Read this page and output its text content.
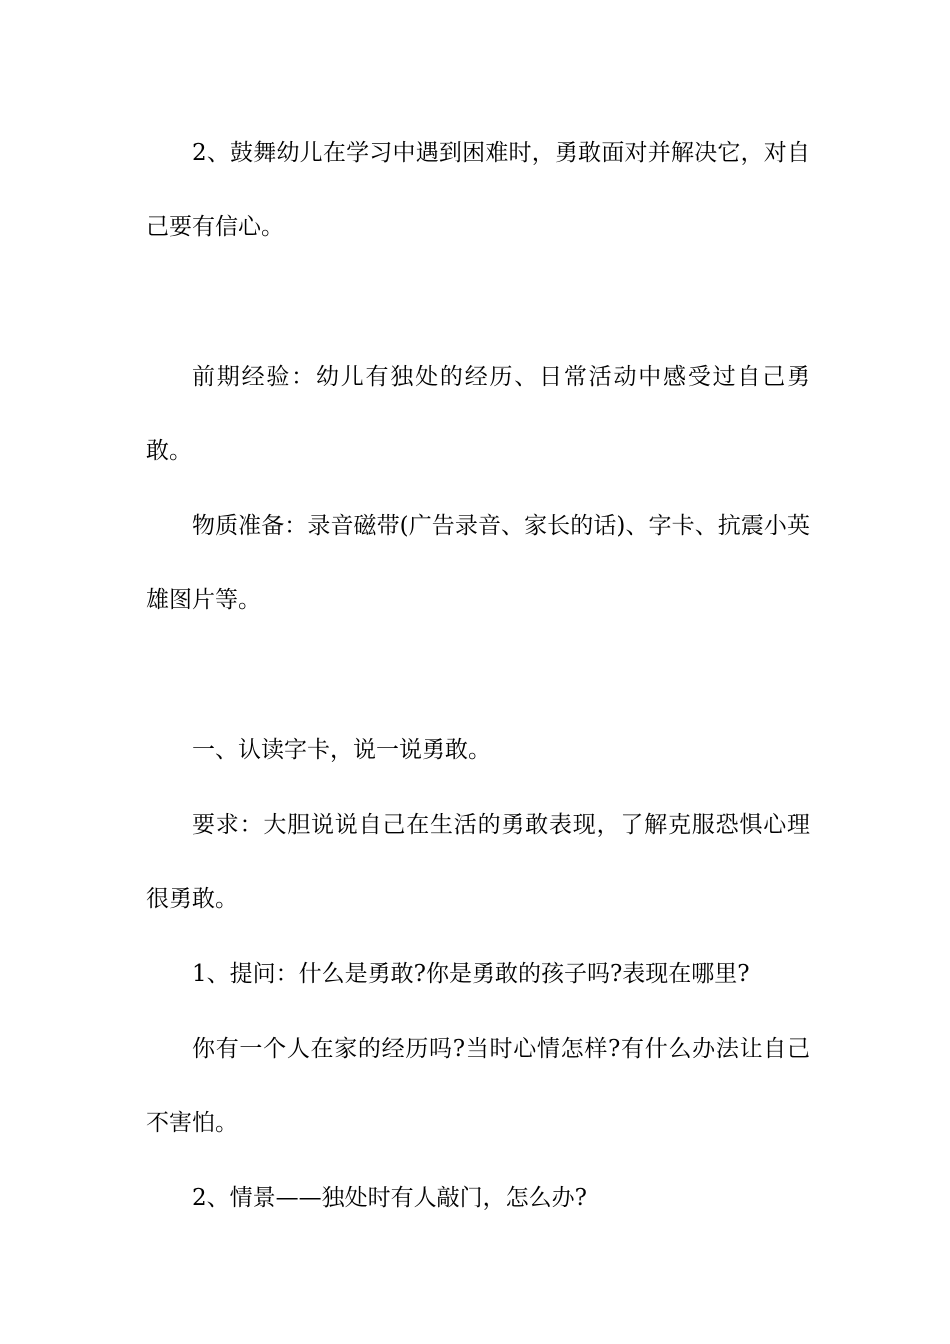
2、鼓舞幼儿在学习中遇到困难时，勇敢面对并解决它，对自己要有信心。

前期经验：幼儿有独处的经历、日常活动中感受过自己勇敢。

物质准备：录音磁带(广告录音、家长的话)、字卡、抗震小英雄图片等。

一、认读字卡，说一说勇敢。

要求：大胆说说自己在生活的勇敢表现，了解克服恐惧心理很勇敢。

1、提问：什么是勇敢?你是勇敢的孩子吗?表现在哪里?

你有一个人在家的经历吗?当时心情怎样?有什么办法让自己不害怕。

2、情景——独处时有人敲门，怎么办?
